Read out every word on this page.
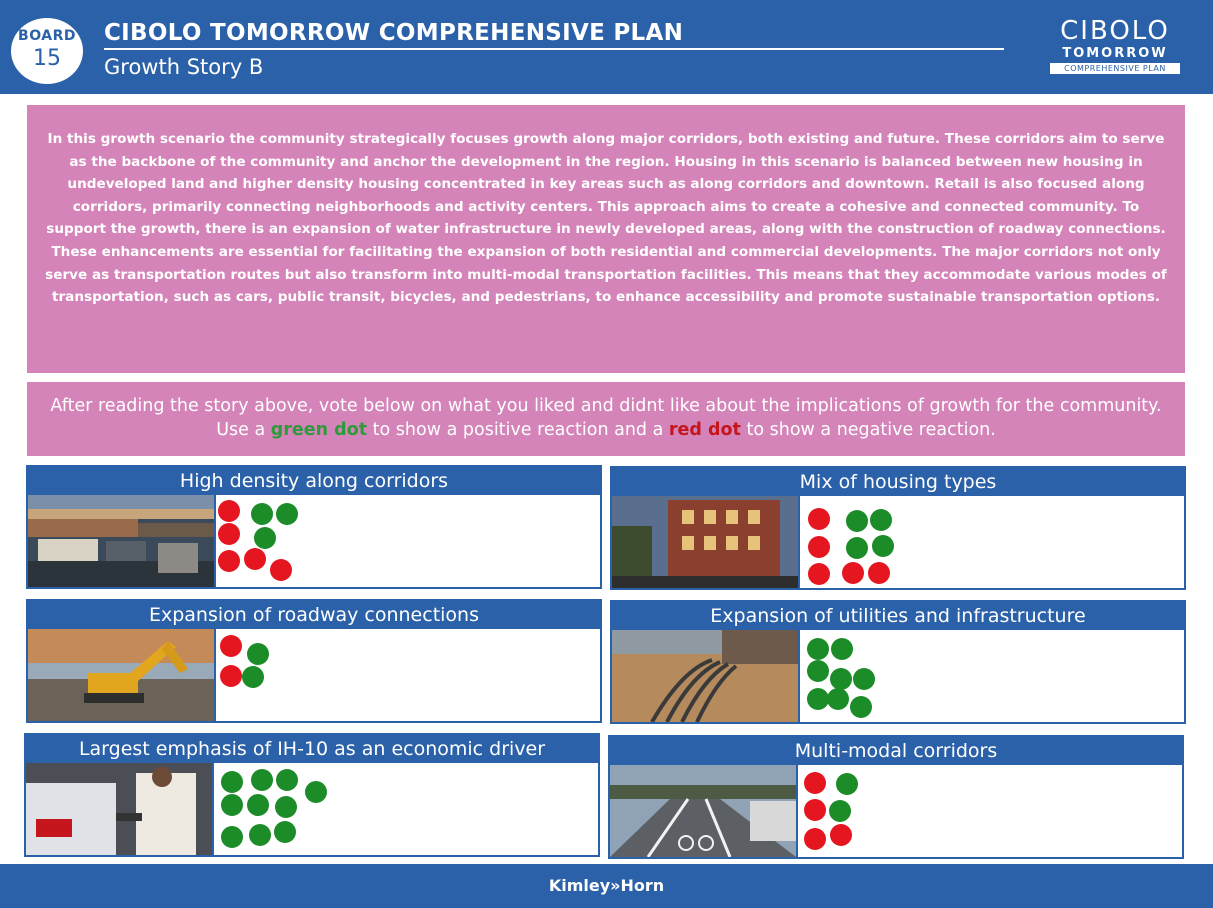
BOARD
15
CIBOLO TOMORROW COMPREHENSIVE PLAN
Growth Story B
CIBOLO
TOMORROW
COMPREHENSIVE PLAN
In this growth scenario the community strategically focuses growth along major corridors, both existing and future. These corridors aim to serve as the backbone of the community and anchor the development in the region. Housing in this scenario is balanced between new housing in undeveloped land and higher density housing concentrated in key areas such as along corridors and downtown. Retail is also focused along corridors, primarily connecting neighborhoods and activity centers. This approach aims to create a cohesive and connected community. To support the growth, there is an expansion of water infrastructure in newly developed areas, along with the construction of roadway connections. These enhancements are essential for facilitating the expansion of both residential and commercial developments. The major corridors not only serve as transportation routes but also transform into multi-modal transportation facilities. This means that they accommodate various modes of transportation, such as cars, public transit, bicycles, and pedestrians, to enhance accessibility and promote sustainable transportation options.
After reading the story above, vote below on what you liked and didnt like about the implications of growth for the community. Use a green dot to show a positive reaction and a red dot to show a negative reaction.
High density along corridors	Mix of housing types
Expansion of roadway connections	Expansion of utilities and infrastructure
Largest emphasis of IH-10 as an economic driver	Multi-modal corridors
Kimley»Horn
